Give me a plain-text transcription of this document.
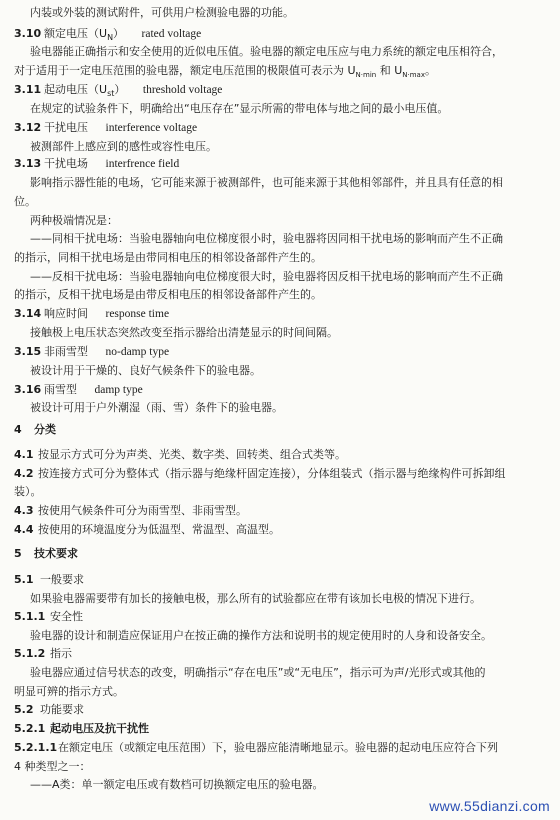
内装或外装的测试附件，可供用户检测验电器的功能。
3.10 额定电压$(U_N)$ rated voltage
验电器能正确指示和安全使用的近似电压值。验电器的额定电压应与电力系统的额定电压相符合，
对于适用于一定电压范围的验电器，额定电压范围的极限值可表示为 $U_{N\cdot min}$ 和 $U_{N\cdot max}$。
3.11 起动电压$(U_{st})$ threshold voltage
在规定的试验条件下，明确给出“电压存在”显示所需的带电体与地之间的最小电压值。
3.12 干扰电压 interference voltage
被测部件上感应到的感性或容性电压。
3.13 干扰电场 interfrence field
影响指示器性能的电场，它可能来源于被测部件，也可能来源于其他相邻部件，并且具有任意的相
位。
两种极端情况是：
——同相干扰电场：当验电器轴向电位梯度很小时，验电器将因同相干扰电场的影响而产生不正确
的指示，同相干扰电场是由带同相电压的相邻设备部件产生的。
——反相干扰电场：当验电器轴向电位梯度很大时，验电器将因反相干扰电场的影响而产生不正确
的指示，反相干扰电场是由带反相电压的相邻设备部件产生的。
3.14 响应时间 response time
接触极上电压状态突然改变至指示器给出清楚显示的时间间隔。
3.15 非雨雪型 no-damp type
被设计用于干燥的、良好气候条件下的验电器。
3.16 雨雪型 damp type
被设计可用于户外潮湿（雨、雪）条件下的验电器。
4 分类
4.1 按显示方式可分为声类、光类、数字类、回转类、组合式类等。
4.2 按连接方式可分为整体式（指示器与绝缘杆固定连接），分体组装式（指示器与绝缘构件可拆卸组
装）。
4.3 按使用气候条件可分为雨雪型、非雨雪型。
4.4 按使用的环境温度分为低温型、常温型、高温型。
5 技术要求
5.1 一般要求
如果验电器需要带有加长的接触电极，那么所有的试验都应在带有该加长电极的情况下进行。
5.1.1 安全性
验电器的设计和制造应保证用户在按正确的操作方法和说明书的规定使用时的人身和设备安全。
5.1.2 指示
验电器应通过信号状态的改变，明确指示“存在电压”或“无电压”，指示可为声/光形式或其他的
明显可辨的指示方式。
5.2 功能要求
5.2.1 起动电压及抗干扰性
5.2.1.1 在额定电压（或额定电压范围）下，验电器应能清晰地显示。验电器的起动电压应符合下列
4 种类型之一：
——A类：单一额定电压或有数档可切换额定电压的验电器。
www.55dianzi.com
